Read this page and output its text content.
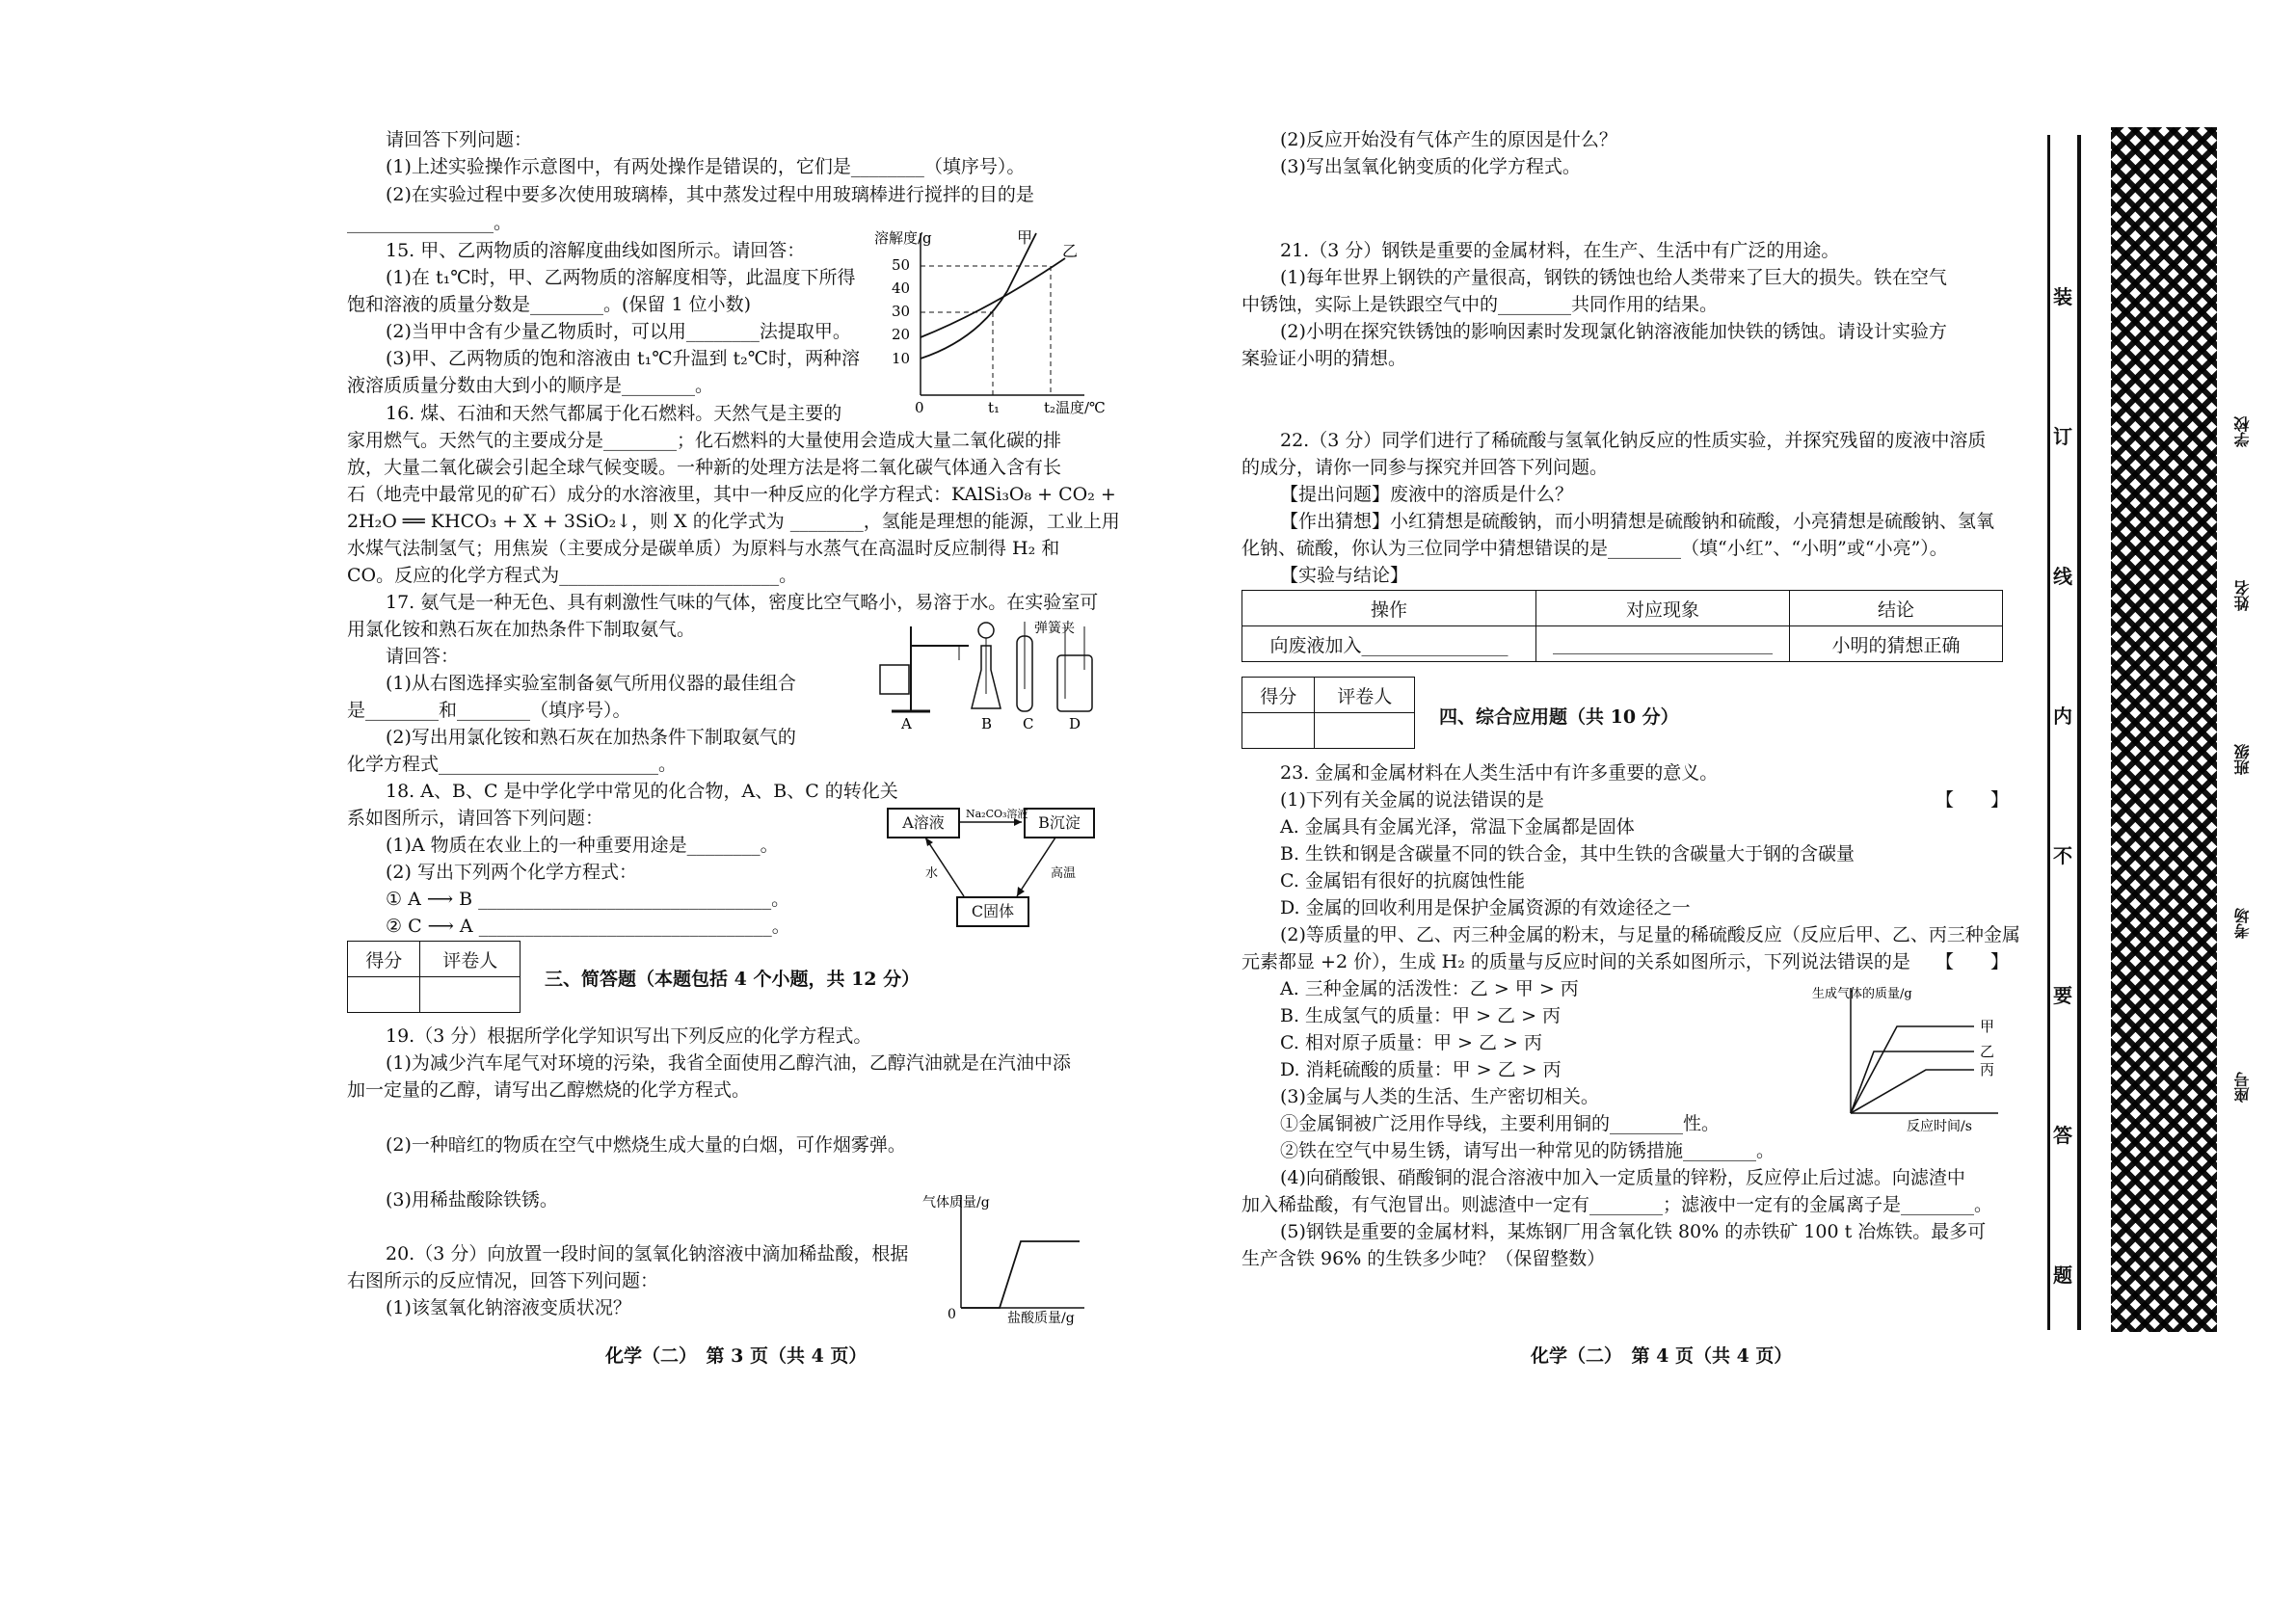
请回答下列问题：
(1)上述实验操作示意图中，有两处操作是错误的，它们是________（填序号）。
(2)在实验过程中要多次使用玻璃棒，其中蒸发过程中用玻璃棒进行搅拌的目的是
________________。
15. 甲、乙两物质的溶解度曲线如图所示。请回答：
(1)在 t₁℃时，甲、乙两物质的溶解度相等，此温度下所得
饱和溶液的质量分数是________。(保留 1 位小数)
(2)当甲中含有少量乙物质时，可以用________法提取甲。
(3)甲、乙两物质的饱和溶液由 t₁℃升温到 t₂℃时，两种溶
液溶质质量分数由大到小的顺序是________。
16. 煤、石油和天然气都属于化石燃料。天然气是主要的
家用燃气。天然气的主要成分是________；化石燃料的大量使用会造成大量二氧化碳的排
放，大量二氧化碳会引起全球气候变暖。一种新的处理方法是将二氧化碳气体通入含有长
石（地壳中最常见的矿石）成分的水溶液里，其中一种反应的化学方程式：KAlSi₃O₈ + CO₂ +
2H₂O ══ KHCO₃ + X + 3SiO₂↓，则 X 的化学式为 ________，氢能是理想的能源，工业上用
水煤气法制氢气；用焦炭（主要成分是碳单质）为原料与水蒸气在高温时反应制得 H₂ 和
CO。反应的化学方程式为________________________。
17. 氨气是一种无色、具有刺激性气味的气体，密度比空气略小，易溶于水。在实验室可
用氯化铵和熟石灰在加热条件下制取氨气。
请回答：
(1)从右图选择实验室制备氨气所用仪器的最佳组合
是________和________（填序号）。
(2)写出用氯化铵和熟石灰在加热条件下制取氨气的
化学方程式________________________。
18. A、B、C 是中学化学中常见的化合物，A、B、C 的转化关
系如图所示，请回答下列问题：
(1)A 物质在农业上的一种重要用途是________。
(2) 写出下列两个化学方程式：
① A ⟶ B ________________________________。
② C ⟶ A ________________________________。
19.（3 分）根据所学化学知识写出下列反应的化学方程式。
(1)为减少汽车尾气对环境的污染，我省全面使用乙醇汽油，乙醇汽油就是在汽油中添
加一定量的乙醇，请写出乙醇燃烧的化学方程式。
(2)一种暗红的物质在空气中燃烧生成大量的白烟，可作烟雾弹。
(3)用稀盐酸除铁锈。
20.（3 分）向放置一段时间的氢氧化钠溶液中滴加稀盐酸，根据
右图所示的反应情况，回答下列问题：
(1)该氢氧化钠溶液变质状况？
得分	评卷人

三、简答题（本题包括 4 个小题，共 12 分）
溶解度/g
50
40
30
20
10
0	t₁	t₂ 温度/℃
甲
乙
A	B C
弹簧夹
D
A溶液	B沉淀
C固体
Na₂CO₃溶液
水	高温
气体质量/g
0	盐酸质量/g
化学（二）　第 3 页（共 4 页）
(2)反应开始没有气体产生的原因是什么？
(3)写出氢氧化钠变质的化学方程式。
21.（3 分）钢铁是重要的金属材料，在生产、生活中有广泛的用途。
(1)每年世界上钢铁的产量很高，钢铁的锈蚀也给人类带来了巨大的损失。铁在空气
中锈蚀，实际上是铁跟空气中的________共同作用的结果。
(2)小明在探究铁锈蚀的影响因素时发现氯化钠溶液能加快铁的锈蚀。请设计实验方
案验证小明的猜想。
22.（3 分）同学们进行了稀硫酸与氢氧化钠反应的性质实验，并探究残留的废液中溶质
的成分，请你一同参与探究并回答下列问题。
【提出问题】废液中的溶质是什么？
【作出猜想】小红猜想是硫酸钠，而小明猜想是硫酸钠和硫酸，小亮猜想是硫酸钠、氢氧
化钠、硫酸，你认为三位同学中猜想错误的是________（填“小红”、“小明”或“小亮”）。
【实验与结论】
23. 金属和金属材料在人类生活中有许多重要的意义。
(1)下列有关金属的说法错误的是
A. 金属具有金属光泽，常温下金属都是固体
B. 生铁和钢是含碳量不同的铁合金，其中生铁的含碳量大于钢的含碳量
C. 金属铝有很好的抗腐蚀性能
D. 金属的回收利用是保护金属资源的有效途径之一
(2)等质量的甲、乙、丙三种金属的粉末，与足量的稀硫酸反应（反应后甲、乙、丙三种金属
元素都显 +2 价），生成 H₂ 的质量与反应时间的关系如图所示，下列说法错误的是
A. 三种金属的活泼性：乙 > 甲 > 丙
B. 生成氢气的质量：甲 > 乙 > 丙
C. 相对原子质量：甲 > 乙 > 丙
D. 消耗硫酸的质量：甲 > 乙 > 丙
(3)金属与人类的生活、生产密切相关。
①金属铜被广泛用作导线，主要利用铜的________性。
②铁在空气中易生锈，请写出一种常见的防锈措施________。
(4)向硝酸银、硝酸铜的混合溶液中加入一定质量的锌粉，反应停止后过滤。向滤渣中
加入稀盐酸，有气泡冒出。则滤渣中一定有________；滤液中一定有的金属离子是________。
(5)钢铁是重要的金属材料，某炼钢厂用含氧化铁 80% 的赤铁矿 100 t 冶炼铁。最多可
生产含铁 96% 的生铁多少吨？（保留整数）
操作	对应现象	结论
向废液加入________________	________________________	小明的猜想正确
得分	评卷人

四、综合应用题（共 10 分）
【　　】
【　　】
甲
乙
丙
生成气体的质量/g
反应时间/s
化学（二）　第 4 页（共 4 页）
装
订
线
内
不
要
答
题
学校
姓名
班级
考场
座号
